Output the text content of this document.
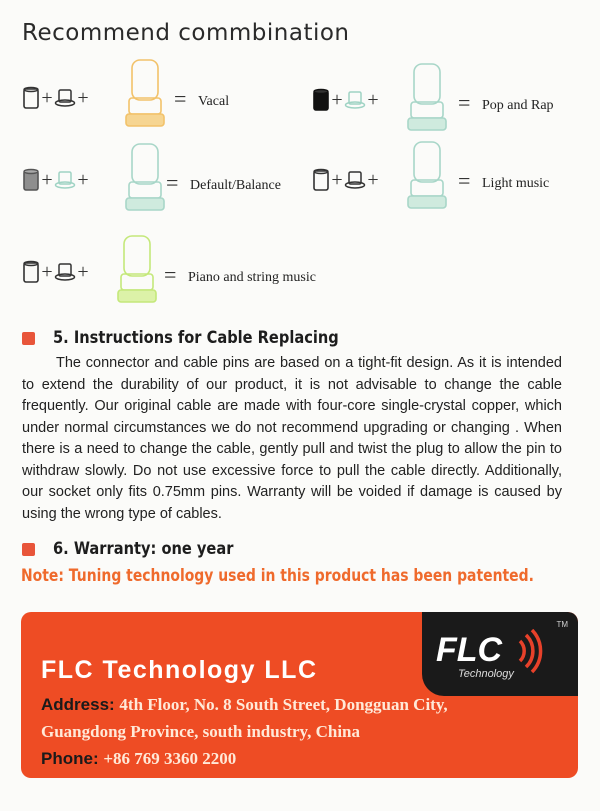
Recommend commbination
+ +	= Vacal	+ +	= Pop and Rap
+ +	= Default/Balance	+ +	= Light music
+ +	= Piano and string music
5. Instructions for Cable Replacing

The connector and cable pins are based on a tight-fit design. As it is intended to extend the durability of our product, it is not advisable to change the cable frequently. Our original cable are made with four-core single-crystal copper, which under normal circumstances we do not recommend upgrading or changing . When there is a need to change the cable, gently pull and twist the plug to allow the pin to withdraw slowly. Do not use excessive force to pull the cable directly. Additionally, our socket only fits 0.75mm pins. Warranty will be voided if damage is caused by using the wrong type of cables.

6. Warranty: one year

Note: Tuning technology used in this product has been patented.

TM
FLC
Technology
FLC Technology LLC
Address: 4th Floor, No. 8 South Street, Dongguan City,
Guangdong Province, south industry, China
Phone: +86 769 3360 2200
